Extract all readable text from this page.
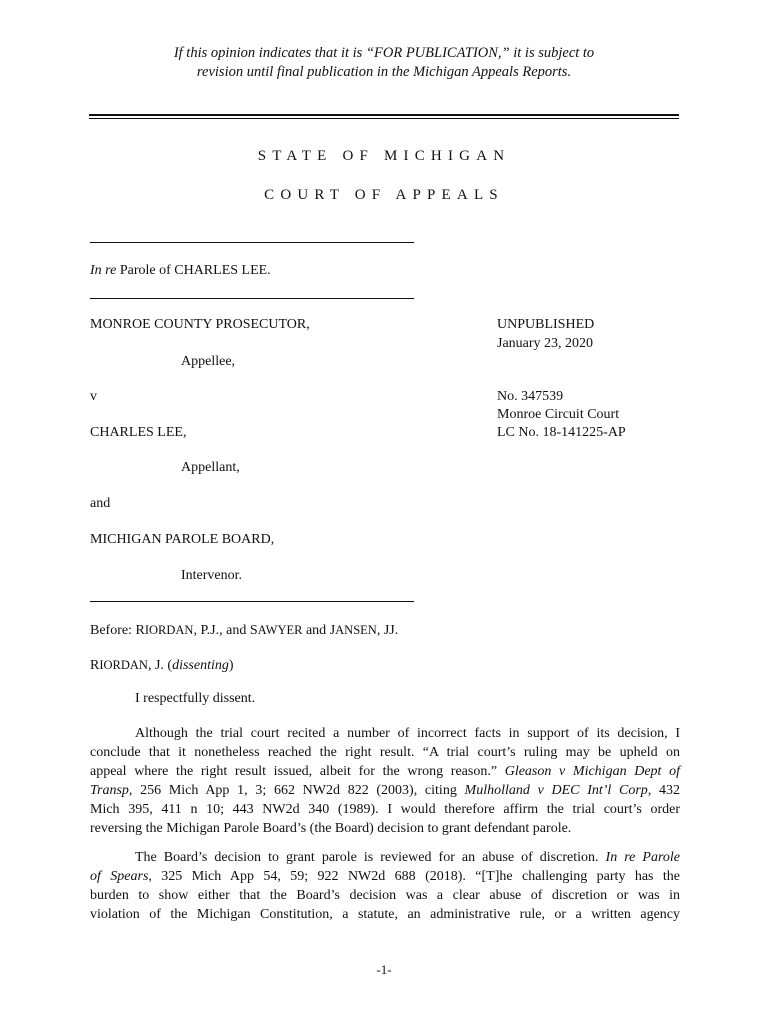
If this opinion indicates that it is “FOR PUBLICATION,” it is subject to
revision until final publication in the Michigan Appeals Reports.
STATE OF MICHIGAN
COURT OF APPEALS
In re Parole of CHARLES LEE.
MONROE COUNTY PROSECUTOR,
Appellee,
v
CHARLES LEE,
Appellant,
and
MICHIGAN PAROLE BOARD,
Intervenor.
UNPUBLISHED
January 23, 2020
No. 347539
Monroe Circuit Court
LC No. 18-141225-AP
Before: RIORDAN, P.J., and SAWYER and JANSEN, JJ.
RIORDAN, J. (dissenting)
I respectfully dissent.
Although the trial court recited a number of incorrect facts in support of its decision, I
conclude that it nonetheless reached the right result. “A trial court’s ruling may be upheld on
appeal where the right result issued, albeit for the wrong reason.” Gleason v Michigan Dept of
Transp, 256 Mich App 1, 3; 662 NW2d 822 (2003), citing Mulholland v DEC Int’l Corp, 432
Mich 395, 411 n 10; 443 NW2d 340 (1989). I would therefore affirm the trial court’s order
reversing the Michigan Parole Board’s (the Board) decision to grant defendant parole.
The Board’s decision to grant parole is reviewed for an abuse of discretion. In re Parole
of Spears, 325 Mich App 54, 59; 922 NW2d 688 (2018). “[T]he challenging party has the
burden to show either that the Board’s decision was a clear abuse of discretion or was in
violation of the Michigan Constitution, a statute, an administrative rule, or a written agency
-1-
